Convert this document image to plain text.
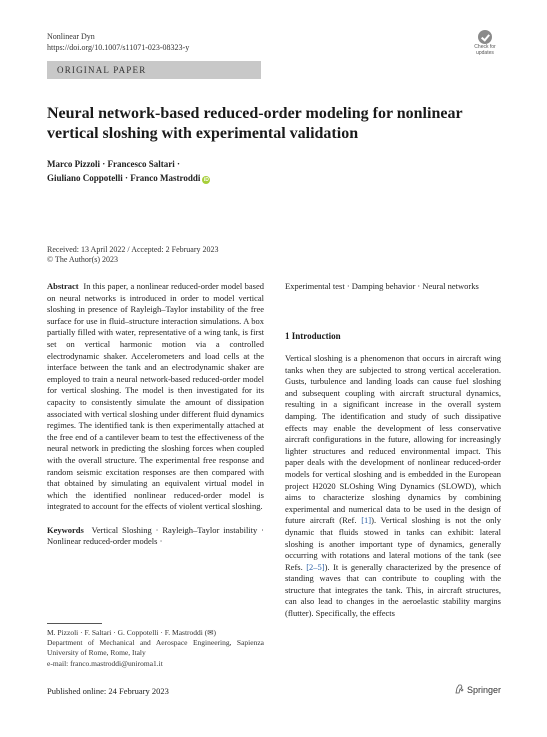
Nonlinear Dyn
https://doi.org/10.1007/s11071-023-08323-y	Check for updates
ORIGINAL PAPER
Neural network-based reduced-order modeling for nonlinear vertical sloshing with experimental validation
Marco Pizzoli · Francesco Saltari ·
Giuliano Coppotelli · Franco Mastroddi iD
Received: 13 April 2022 / Accepted: 2 February 2023
© The Author(s) 2023
Abstract In this paper, a nonlinear reduced-order model based on neural networks is introduced in order to model vertical sloshing in presence of Rayleigh–Taylor instability of the free surface for use in fluid–structure interaction simulations. A box partially filled with water, representative of a wing tank, is first set on vertical harmonic motion via a controlled electrodynamic shaker. Accelerometers and load cells at the interface between the tank and an electrodynamic shaker are employed to train a neural network-based reduced-order model for vertical sloshing. The model is then investigated for its capacity to consistently simulate the amount of dissipation associated with vertical sloshing under different fluid dynamics regimes. The identified tank is then experimentally attached at the free end of a cantilever beam to test the effectiveness of the neural network in predicting the sloshing forces when coupled with the overall structure. The experimental free response and random seismic excitation responses are then compared with that obtained by simulating an equivalent virtual model in which the identified nonlinear reduced-order model is integrated to account for the effects of violent vertical sloshing.
Keywords Vertical Sloshing · Rayleigh–Taylor instability · Nonlinear reduced-order models ·
Experimental test · Damping behavior · Neural networks
1 Introduction
Vertical sloshing is a phenomenon that occurs in aircraft wing tanks when they are subjected to strong vertical acceleration. Gusts, turbulence and landing loads can cause fuel sloshing and subsequent coupling with aircraft structural dynamics, resulting in a significant increase in the overall system damping. The identification and study of such dissipative effects may enable the development of less conservative aircraft configurations in the future, allowing for increasingly lighter structures and reduced environmental impact. This paper deals with the development of nonlinear reduced-order models for vertical sloshing and is embedded in the European project H2020 SLOshing Wing Dynamics (SLOWD), which aims to characterize sloshing dynamics by combining experimental and numerical data to be used in the design of future aircraft (Ref. [1]). Vertical sloshing is not the only dynamic that fluids stowed in tanks can exhibit: lateral sloshing is another important type of dynamics, generally occurring with rotations and lateral motions of the tank (see Refs. [2–5]). It is generally characterized by the presence of standing waves that can contribute to coupling with the structure that integrates the tank. This, in aircraft structures, can also lead to changes in the aeroelastic stability margins (flutter). Specifically, the effects
M. Pizzoli · F. Saltari · G. Coppotelli · F. Mastroddi (✉)
Department of Mechanical and Aerospace Engineering, Sapienza University of Rome, Rome, Italy
e-mail: franco.mastroddi@uniroma1.it
Published online: 24 February 2023	Springer
